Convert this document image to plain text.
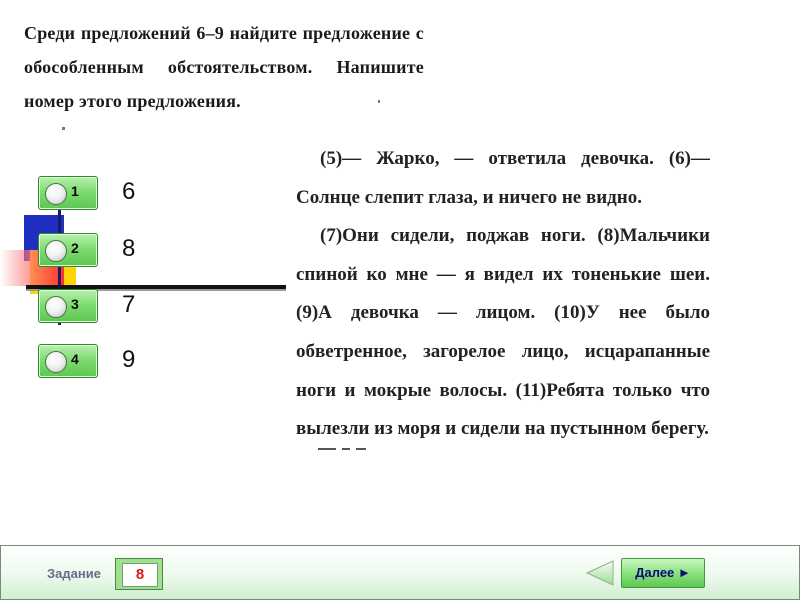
Среди предложений 6–9 найдите предложение с обособленным обстоятельством. Напишите номер этого предложения.

(5)— Жарко, — ответила девочка. (6)— Солнце слепит глаза, и ничего не видно.

(7)Они сидели, поджав ноги. (8)Мальчики спиной ко мне — я видел их тоненькие шеи. (9)А девочка — лицом. (10)У нее было обветренное, загорелое лицо, исцарапанные ноги и мокрые волосы. (11)Ребята только что вылезли из моря и сидели на пустынном берегу.

1 6
2 8
3 7
4 9
Задание	8	Далее ►
